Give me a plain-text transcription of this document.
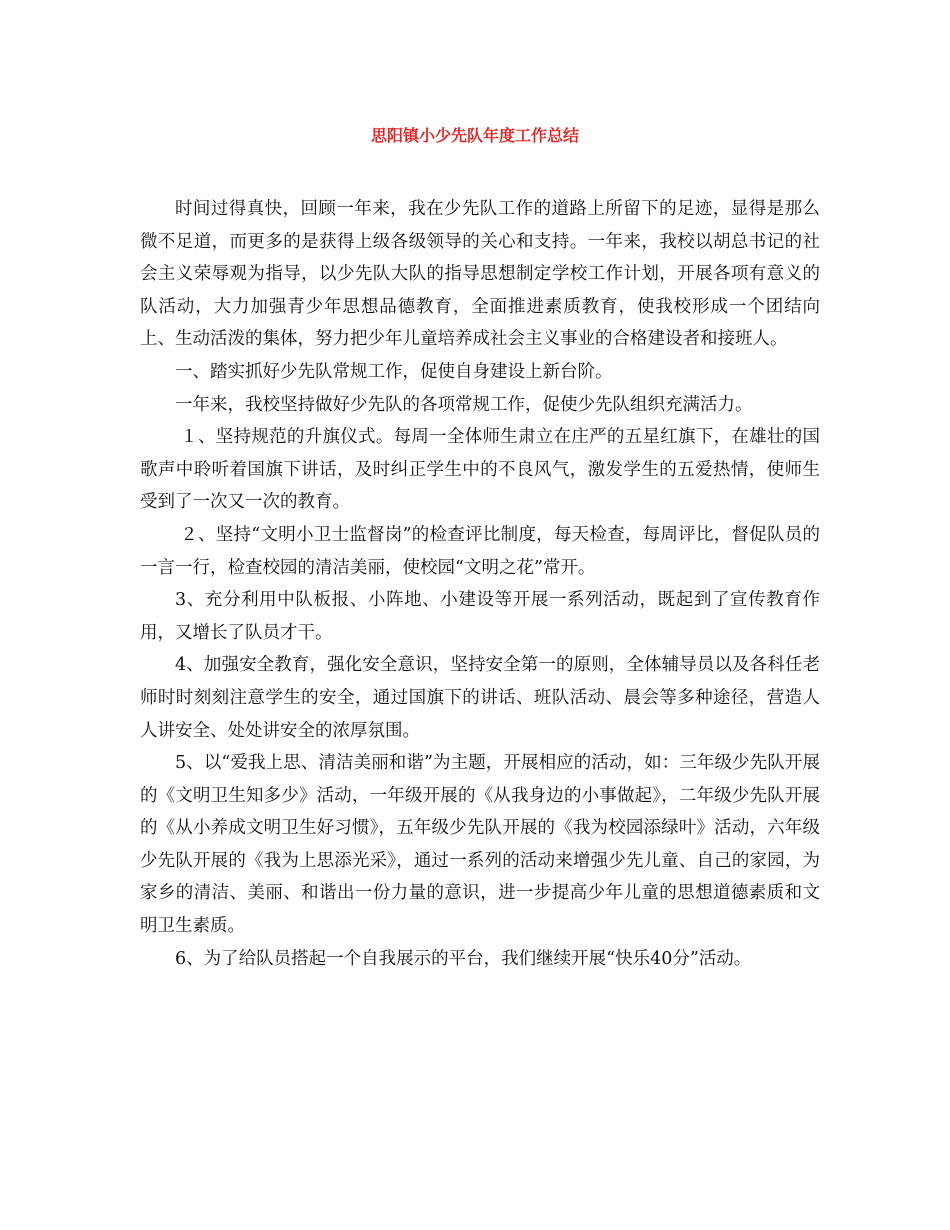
思阳镇小少先队年度工作总结

时间过得真快，回顾一年来，我在少先队工作的道路上所留下的足迹，显得是那么微不足道，而更多的是获得上级各级领导的关心和支持。一年来，我校以胡总书记的社会主义荣辱观为指导，以少先队大队的指导思想制定学校工作计划，开展各项有意义的队活动，大力加强青少年思想品德教育，全面推进素质教育，使我校形成一个团结向上、生动活泼的集体，努力把少年儿童培养成社会主义事业的合格建设者和接班人。

一、踏实抓好少先队常规工作，促使自身建设上新台阶。

一年来，我校坚持做好少先队的各项常规工作，促使少先队组织充满活力。

１、坚持规范的升旗仪式。每周一全体师生肃立在庄严的五星红旗下，在雄壮的国歌声中聆听着国旗下讲话，及时纠正学生中的不良风气，激发学生的五爱热情，使师生受到了一次又一次的教育。

２、坚持“文明小卫士监督岗”的检查评比制度，每天检查，每周评比，督促队员的一言一行，检查校园的清洁美丽，使校园“文明之花”常开。

3、充分利用中队板报、小阵地、小建设等开展一系列活动，既起到了宣传教育作用，又增长了队员才干。

4、加强安全教育，强化安全意识，坚持安全第一的原则，全体辅导员以及各科任老师时时刻刻注意学生的安全，通过国旗下的讲话、班队活动、晨会等多种途径，营造人人讲安全、处处讲安全的浓厚氛围。

5、以“爱我上思、清洁美丽和谐”为主题，开展相应的活动，如：三年级少先队开展的《文明卫生知多少》活动，一年级开展的《从我身边的小事做起》，二年级少先队开展的《从小养成文明卫生好习惯》，五年级少先队开展的《我为校园添绿叶》活动，六年级少先队开展的《我为上思添光采》，通过一系列的活动来增强少先儿童、自己的家园，为家乡的清洁、美丽、和谐出一份力量的意识，进一步提高少年儿童的思想道德素质和文明卫生素质。

6、为了给队员搭起一个自我展示的平台，我们继续开展“快乐40分”活动。
